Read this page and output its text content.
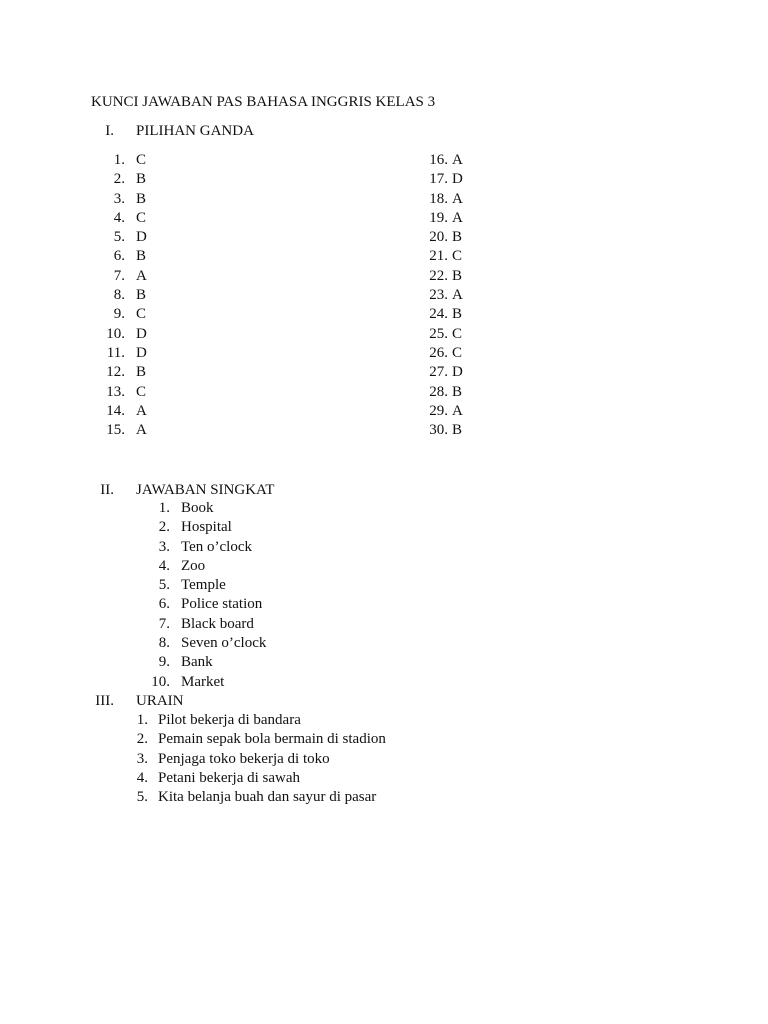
KUNCI JAWABAN PAS BAHASA INGGRIS KELAS 3
I. PILIHAN GANDA
1. C
2. B
3. B
4. C
5. D
6. B
7. A
8. B
9. C
10. D
11. D
12. B
13. C
14. A
15. A
16. A
17. D
18. A
19. A
20. B
21. C
22. B
23. A
24. B
25. C
26. C
27. D
28. B
29. A
30. B
II. JAWABAN SINGKAT
1. Book
2. Hospital
3. Ten o’clock
4. Zoo
5. Temple
6. Police station
7. Black board
8. Seven o’clock
9. Bank
10. Market
III. URAIN
1. Pilot bekerja di bandara
2. Pemain sepak bola bermain di stadion
3. Penjaga toko bekerja di toko
4. Petani bekerja di sawah
5. Kita belanja buah dan sayur di pasar
